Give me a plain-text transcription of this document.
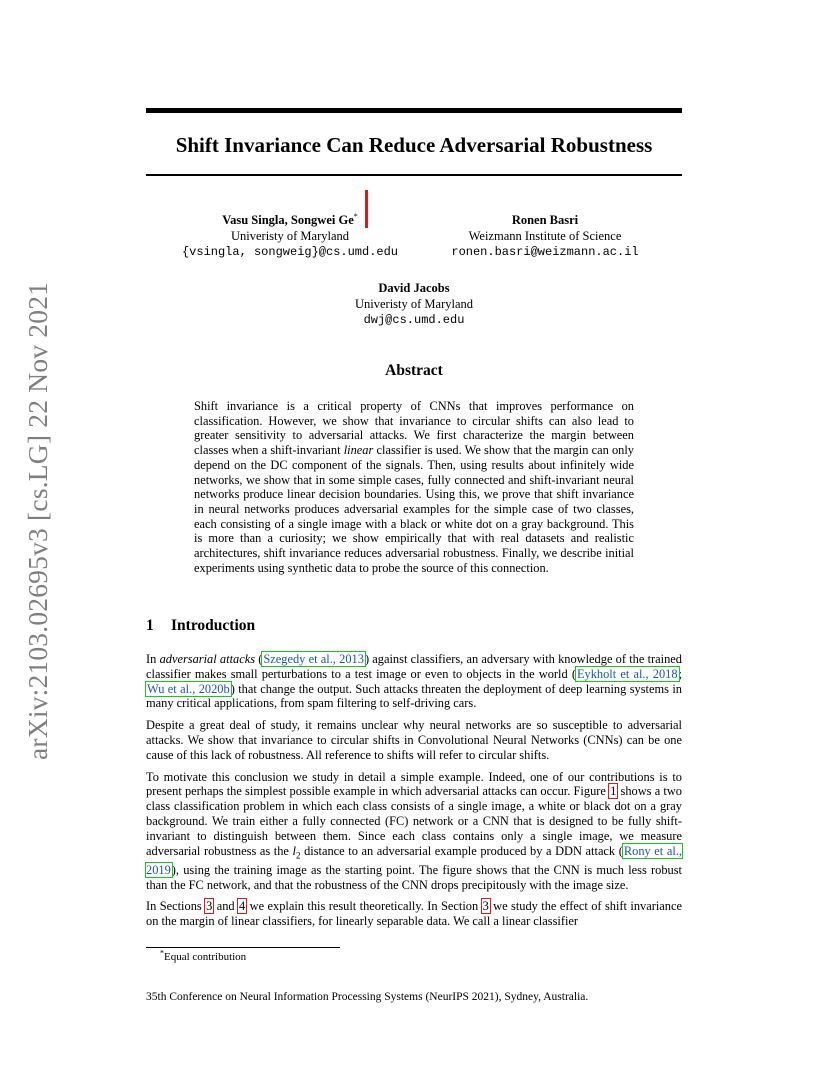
arXiv:2103.02695v3 [cs.LG] 22 Nov 2021
Shift Invariance Can Reduce Adversarial Robustness
Vasu Singla, Songwei Ge*
Univeristy of Maryland
{vsingla, songweig}@cs.umd.edu
Ronen Basri
Weizmann Institute of Science
ronen.basri@weizmann.ac.il
David Jacobs
Univeristy of Maryland
dwj@cs.umd.edu
Abstract
Shift invariance is a critical property of CNNs that improves performance on classification. However, we show that invariance to circular shifts can also lead to greater sensitivity to adversarial attacks. We first characterize the margin between classes when a shift-invariant linear classifier is used. We show that the margin can only depend on the DC component of the signals. Then, using results about infinitely wide networks, we show that in some simple cases, fully connected and shift-invariant neural networks produce linear decision boundaries. Using this, we prove that shift invariance in neural networks produces adversarial examples for the simple case of two classes, each consisting of a single image with a black or white dot on a gray background. This is more than a curiosity; we show empirically that with real datasets and realistic architectures, shift invariance reduces adversarial robustness. Finally, we describe initial experiments using synthetic data to probe the source of this connection.
1 Introduction

In adversarial attacks (Szegedy et al., 2013) against classifiers, an adversary with knowledge of the trained classifier makes small perturbations to a test image or even to objects in the world (Eykholt et al., 2018; Wu et al., 2020b) that change the output. Such attacks threaten the deployment of deep learning systems in many critical applications, from spam filtering to self-driving cars.

Despite a great deal of study, it remains unclear why neural networks are so susceptible to adversarial attacks. We show that invariance to circular shifts in Convolutional Neural Networks (CNNs) can be one cause of this lack of robustness. All reference to shifts will refer to circular shifts.

To motivate this conclusion we study in detail a simple example. Indeed, one of our contributions is to present perhaps the simplest possible example in which adversarial attacks can occur. Figure 1 shows a two class classification problem in which each class consists of a single image, a white or black dot on a gray background. We train either a fully connected (FC) network or a CNN that is designed to be fully shift-invariant to distinguish between them. Since each class contains only a single image, we measure adversarial robustness as the $l_2$ distance to an adversarial example produced by a DDN attack (Rony et al., 2019), using the training image as the starting point. The figure shows that the CNN is much less robust than the FC network, and that the robustness of the CNN drops precipitously with the image size.

In Sections 3 and 4 we explain this result theoretically. In Section 3 we study the effect of shift invariance on the margin of linear classifiers, for linearly separable data. We call a linear classifier

*Equal contribution
35th Conference on Neural Information Processing Systems (NeurIPS 2021), Sydney, Australia.
